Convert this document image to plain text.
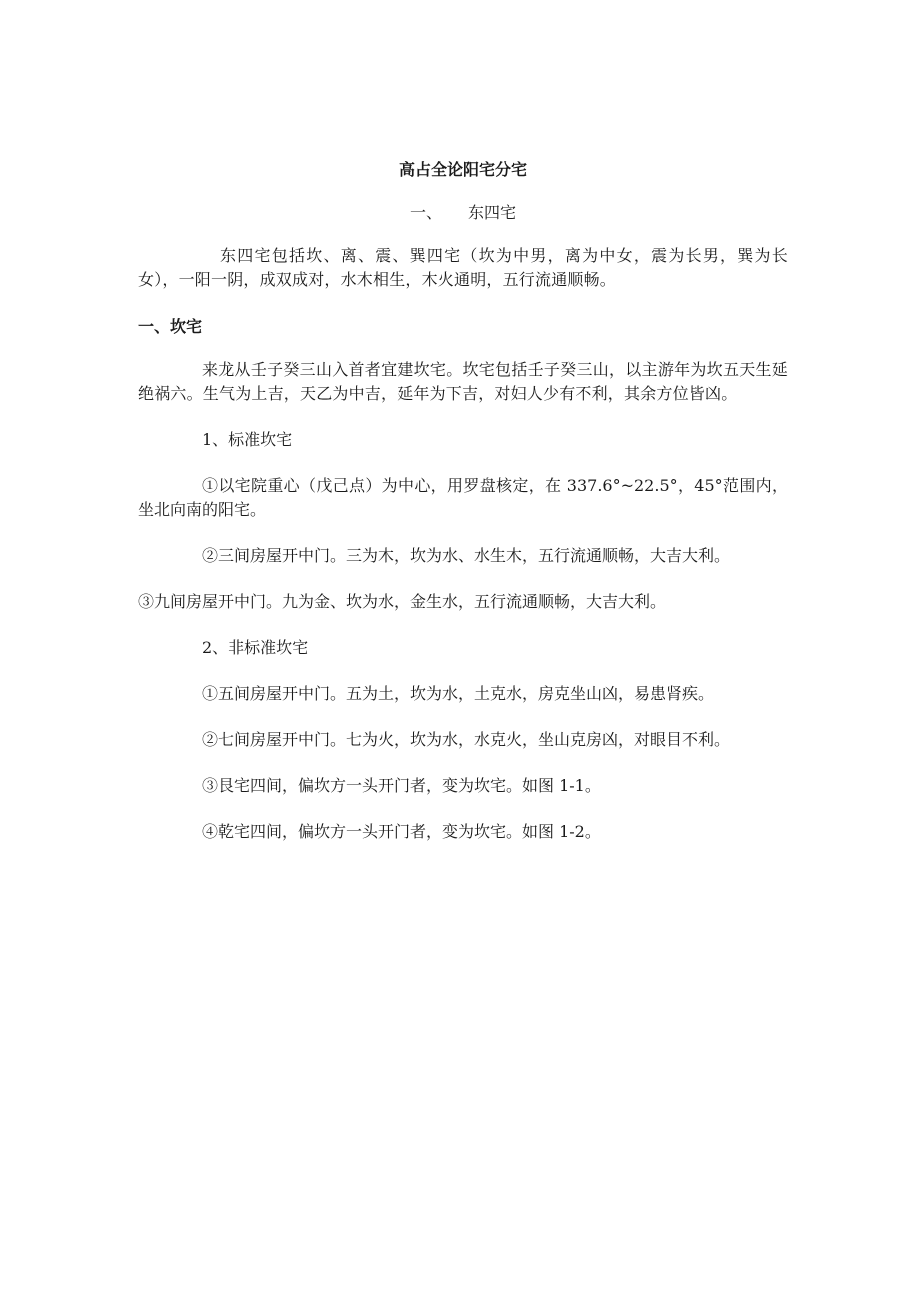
高占全论阳宅分宅
一、 东四宅

东四宅包括坎、离、震、巽四宅（坎为中男，离为中女，震为长男，巽为长女），一阳一阴，成双成对，水木相生，木火通明，五行流通顺畅。

一、坎宅

来龙从壬子癸三山入首者宜建坎宅。坎宅包括壬子癸三山，以主游年为坎五天生延绝祸六。生气为上吉，天乙为中吉，延年为下吉，对妇人少有不利，其余方位皆凶。

1、标准坎宅

①以宅院重心（戊己点）为中心，用罗盘核定，在 337.6°~22.5°，45°范围内，坐北向南的阳宅。

②三间房屋开中门。三为木，坎为水、水生木，五行流通顺畅，大吉大利。

③九间房屋开中门。九为金、坎为水，金生水，五行流通顺畅，大吉大利。

2、非标准坎宅

①五间房屋开中门。五为土，坎为水，土克水，房克坐山凶，易患肾疾。

②七间房屋开中门。七为火，坎为水，水克火，坐山克房凶，对眼目不利。

③艮宅四间，偏坎方一头开门者，变为坎宅。如图 1-1。

④乾宅四间，偏坎方一头开门者，变为坎宅。如图 1-2。
